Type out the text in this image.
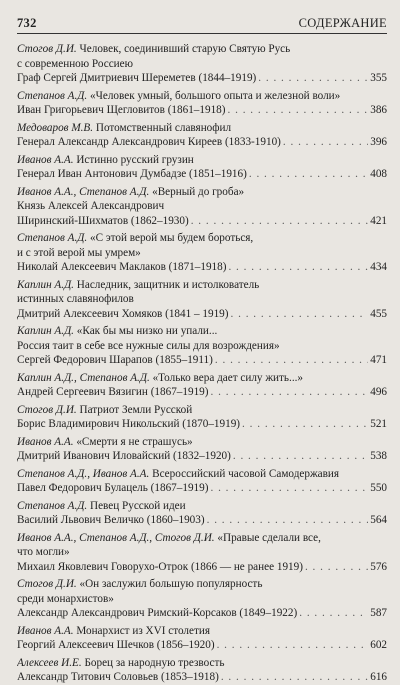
732	СОДЕРЖАНИЕ
Стогов Д.И. Человек, соединивший старую Святую Русь
с современною Россиею
Граф Сергей Дмитриевич Шереметев (1844–1919) . . .	355
Степанов А.Д. «Человек умный, большого опыта и железной воли»
Иван Григорьевич Щегловитов (1861–1918) . . .	386
Медоваров М.В. Потомственный славянофил
Генерал Александр Александрович Киреев (1833-1910) . . .	396
Иванов А.А. Истинно русский грузин
Генерал Иван Антонович Думбадзе (1851–1916) . . .	408
Иванов А.А., Степанов А.Д. «Верный до гроба»
Князь Алексей Александрович
Ширинский-Шихматов (1862–1930) . . .	421
Степанов А.Д. «С этой верой мы будем бороться,
и с этой верой мы умрем»
Николай Алексеевич Маклаков (1871–1918) . . .	434
Каплин А.Д. Наследник, защитник и истолкователь
истинных славянофилов
Дмитрий Алексеевич Хомяков (1841 – 1919) . . .	455
Каплин А.Д. «Как бы мы низко ни упали...
Россия таит в себе все нужные силы для возрождения»
Сергей Федорович Шарапов (1855–1911) . . .	471
Каплин А.Д., Степанов А.Д. «Только вера дает силу жить...»
Андрей Сергеевич Вязигин (1867–1919) . . .	496
Стогов Д.И. Патриот Земли Русской
Борис Владимирович Никольский (1870–1919) . . .	521
Иванов А.А. «Смерти я не страшусь»
Дмитрий Иванович Иловайский (1832–1920) . . .	538
Степанов А.Д., Иванов А.А. Всероссийский часовой Самодержавия
Павел Федорович Булацель (1867–1919) . . .	550
Степанов А.Д. Певец Русской идеи
Василий Львович Величко (1860–1903) . . .	564
Иванов А.А., Степанов А.Д., Стогов Д.И. «Правые сделали все,
что могли»
Михаил Яковлевич Говорухо-Отрок (1866 — не ранее 1919) . . .	576
Стогов Д.И. «Он заслужил большую популярность
среди монархистов»
Александр Александрович Римский-Корсаков (1849–1922) . . .	587
Иванов А.А. Монархист из XVI столетия
Георгий Алексеевич Шечков (1856–1920) . . .	602
Алексеев И.Е. Борец за народную трезвость
Александр Титович Соловьев (1853–1918) . . .	616
